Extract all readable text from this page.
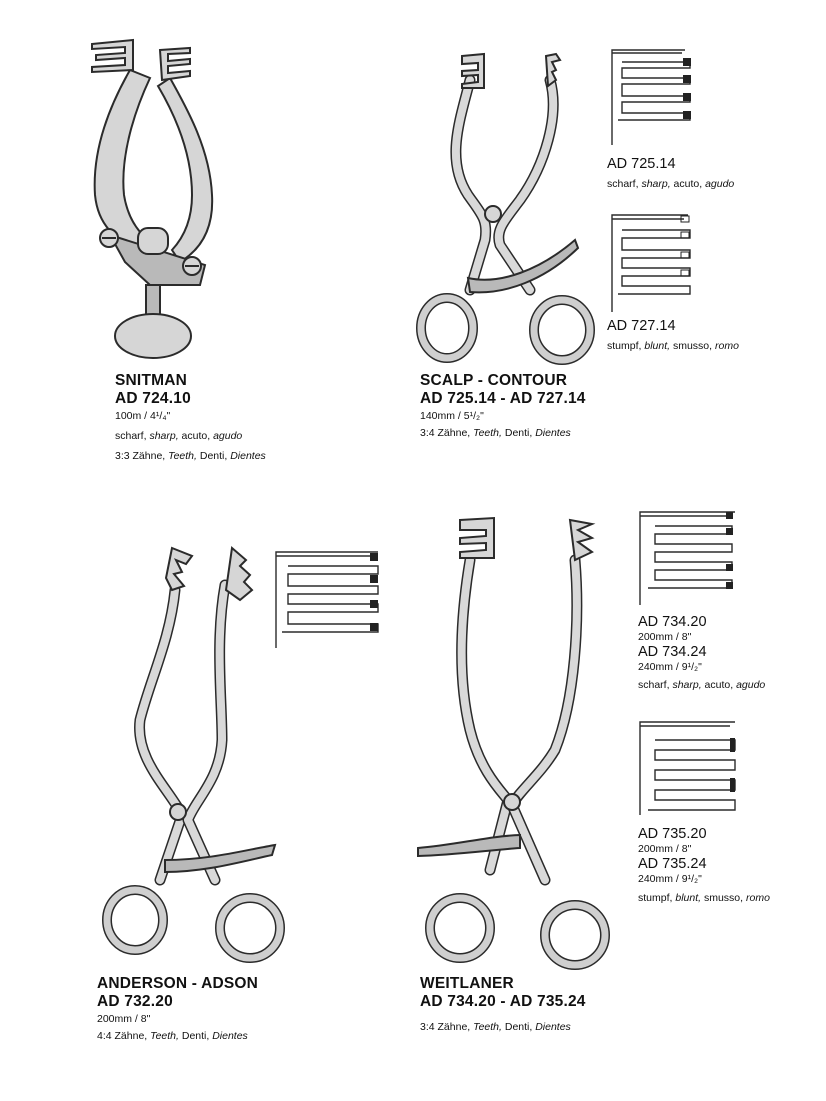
SNITMAN
AD 724.10
100m / 4¹/₄"
scharf, sharp, acuto, agudo
3:3 Zähne, Teeth, Denti, Dientes
SCALP - CONTOUR
AD 725.14 - AD 727.14
140mm / 5¹/₂"
3:4 Zähne, Teeth, Denti, Dientes
AD 725.14
scharf, sharp, acuto, agudo
AD 727.14
stumpf, blunt, smusso, romo
ANDERSON - ADSON
AD 732.20
200mm / 8"
4:4 Zähne, Teeth, Denti, Dientes
WEITLANER
AD 734.20 - AD 735.24
3:4 Zähne, Teeth, Denti, Dientes
AD 734.20
200mm / 8"
AD 734.24
240mm / 9¹/₂"
scharf, sharp, acuto, agudo
AD 735.20
200mm / 8"
AD 735.24
240mm / 9¹/₂"
stumpf, blunt, smusso, romo
